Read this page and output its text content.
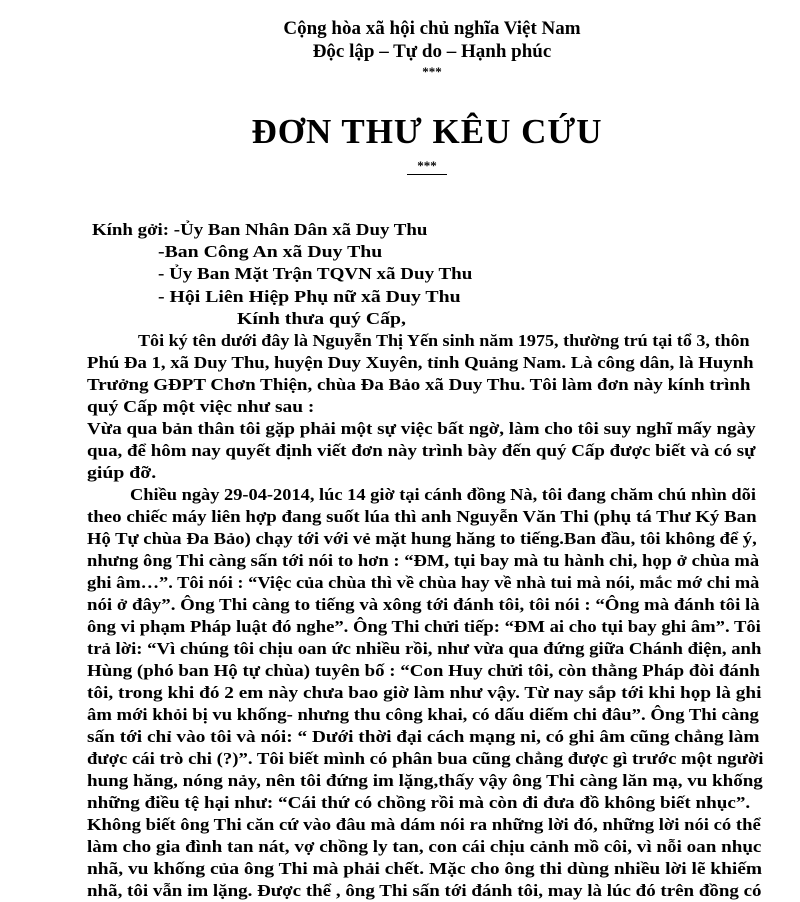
Cộng hòa xã hội chủ nghĩa Việt Nam
Độc lập – Tự do – Hạnh phúc
***
ĐƠN THƯ KÊU CỨU
***
Kính gởi: -Ủy Ban Nhân Dân xã Duy Thu
-Ban Công An xã Duy Thu
- Ủy Ban Mặt Trận TQVN xã Duy Thu
- Hội Liên Hiệp Phụ nữ xã Duy Thu
Kính thưa quý Cấp,
Tôi ký tên dưới đây là Nguyễn Thị Yến sinh năm 1975, thường trú tại tổ 3, thôn
Phú Đa 1, xã Duy Thu, huyện Duy Xuyên, tỉnh Quảng Nam. Là công dân, là Huynh
Trưởng GĐPT Chơn Thiện, chùa Đa Bảo xã Duy Thu. Tôi làm đơn này kính trình
quý Cấp một việc như sau :
Vừa qua bản thân tôi gặp phải một sự việc bất ngờ, làm cho tôi suy nghĩ mấy ngày
qua, để hôm nay quyết định viết đơn này trình bày đến quý Cấp được biết và có sự
giúp đỡ.
Chiều ngày 29-04-2014, lúc 14 giờ tại cánh đồng Nà, tôi đang chăm chú nhìn dõi
theo chiếc máy liên hợp đang suốt lúa thì anh Nguyễn Văn Thi (phụ tá Thư Ký Ban
Hộ Tự chùa Đa Bảo) chạy tới với vẻ mặt hung hăng to tiếng.Ban đầu, tôi không để ý,
nhưng ông Thi càng sấn tới nói to hơn : “ĐM, tụi bay mà tu hành chi, họp ở chùa mà
ghi âm…”. Tôi nói : “Việc của chùa thì về chùa hay về nhà tui mà nói, mắc mớ chi mà
nói ở đây”. Ông Thi càng to tiếng và xông tới đánh tôi, tôi nói : “Ông mà đánh tôi là
ông vi phạm Pháp luật đó nghe”. Ông Thi chửi tiếp: “ĐM ai cho tụi bay ghi âm”. Tôi
trả lời: “Vì chúng tôi chịu oan ức nhiều rồi, như vừa qua đứng giữa Chánh điện, anh
Hùng (phó ban Hộ tự chùa) tuyên bố : “Con Huy chửi tôi, còn thằng Pháp đòi đánh
tôi, trong khi đó 2 em này chưa bao giờ làm như vậy. Từ nay sắp tới khi họp là ghi
âm mới khỏi bị vu khống- nhưng thu công khai, có dấu diếm chi đâu”. Ông Thi càng
sấn tới chỉ vào tôi và nói: “ Dưới thời đại cách mạng ni, có ghi âm cũng chẳng làm
được cái trò chi (?)”. Tôi biết mình có phân bua cũng chẳng được gì trước một người
hung hăng, nóng nảy, nên tôi đứng im lặng,thấy vậy ông Thi càng lăn mạ, vu khống
những điều tệ hại như: “Cái thứ có chồng rồi mà còn đi đưa đồ không biết nhục”.
Không biết ông Thi căn cứ vào đâu mà dám nói ra những lời đó, những lời nói có thể
làm cho gia đình tan nát, vợ chồng ly tan, con cái chịu cảnh mồ côi, vì nỗi oan nhục
nhã, vu khống của ông Thi mà phải chết. Mặc cho ông thi dùng nhiều lời lẽ khiếm
nhã, tôi vẫn im lặng. Được thể , ông Thi sấn tới đánh tôi, may là lúc đó trên đồng có
